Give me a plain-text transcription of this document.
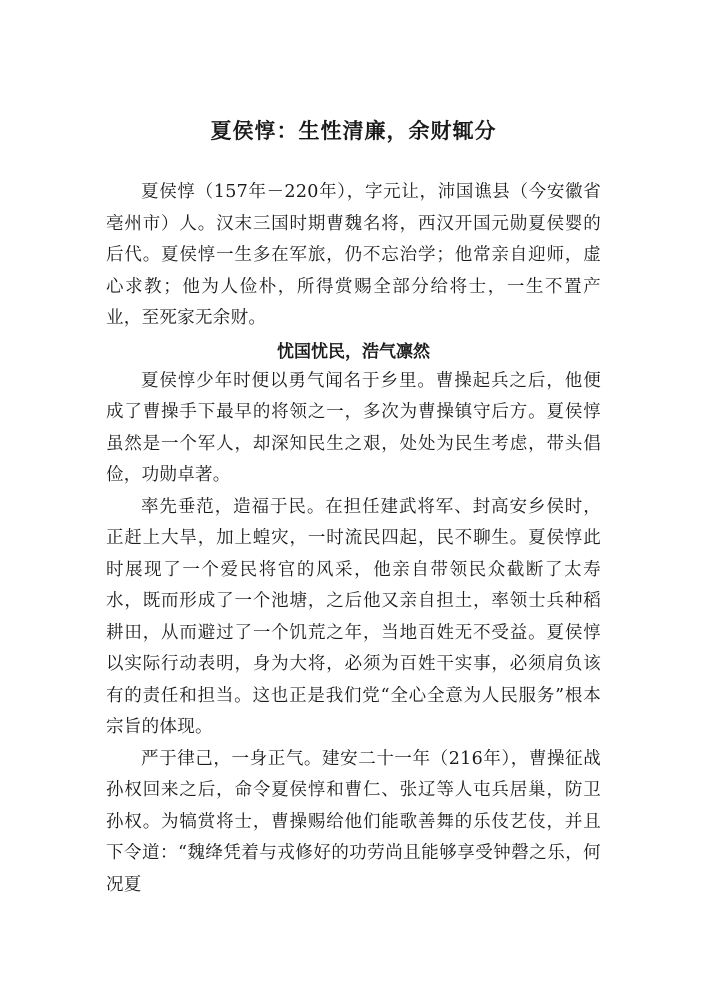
夏侯惇：生性清廉，余财辄分

夏侯惇（157年－220年），字元让，沛国谯县（今安徽省亳州市）人。汉末三国时期曹魏名将，西汉开国元勋夏侯婴的后代。夏侯惇一生多在军旅，仍不忘治学；他常亲自迎师，虚心求教；他为人俭朴，所得赏赐全部分给将士，一生不置产业，至死家无余财。

忧国忧民，浩气凛然

夏侯惇少年时便以勇气闻名于乡里。曹操起兵之后，他便成了曹操手下最早的将领之一，多次为曹操镇守后方。夏侯惇虽然是一个军人，却深知民生之艰，处处为民生考虑，带头倡俭，功勋卓著。

率先垂范，造福于民。在担任建武将军、封高安乡侯时，正赶上大旱，加上蝗灾，一时流民四起，民不聊生。夏侯惇此时展现了一个爱民将官的风采，他亲自带领民众截断了太寿水，既而形成了一个池塘，之后他又亲自担土，率领士兵种稻耕田，从而避过了一个饥荒之年，当地百姓无不受益。夏侯惇以实际行动表明，身为大将，必须为百姓干实事，必须肩负该有的责任和担当。这也正是我们党“全心全意为人民服务”根本宗旨的体现。

严于律己，一身正气。建安二十一年（216年），曹操征战孙权回来之后，命令夏侯惇和曹仁、张辽等人屯兵居巢，防卫孙权。为犒赏将士，曹操赐给他们能歌善舞的乐伎艺伎，并且下令道：“魏绛凭着与戎修好的功劳尚且能够享受钟磬之乐，何况夏
